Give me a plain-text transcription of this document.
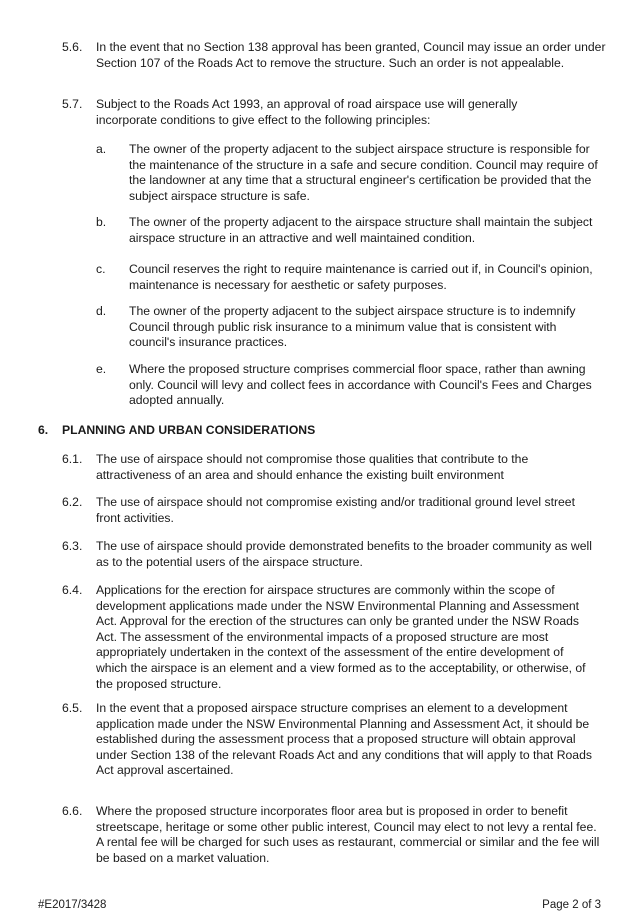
5.6. In the event that no Section 138 approval has been granted, Council may issue an order under Section 107 of the Roads Act to remove the structure. Such an order is not appealable.
5.7. Subject to the Roads Act 1993, an approval of road airspace use will generally incorporate conditions to give effect to the following principles:
a. The owner of the property adjacent to the subject airspace structure is responsible for the maintenance of the structure in a safe and secure condition. Council may require of the landowner at any time that a structural engineer's certification be provided that the subject airspace structure is safe.
b. The owner of the property adjacent to the airspace structure shall maintain the subject airspace structure in an attractive and well maintained condition.
c. Council reserves the right to require maintenance is carried out if, in Council's opinion, maintenance is necessary for aesthetic or safety purposes.
d. The owner of the property adjacent to the subject airspace structure is to indemnify Council through public risk insurance to a minimum value that is consistent with council's insurance practices.
e. Where the proposed structure comprises commercial floor space, rather than awning only. Council will levy and collect fees in accordance with Council's Fees and Charges adopted annually.
6. PLANNING AND URBAN CONSIDERATIONS
6.1. The use of airspace should not compromise those qualities that contribute to the attractiveness of an area and should enhance the existing built environment
6.2. The use of airspace should not compromise existing and/or traditional ground level street front activities.
6.3. The use of airspace should provide demonstrated benefits to the broader community as well as to the potential users of the airspace structure.
6.4. Applications for the erection for airspace structures are commonly within the scope of development applications made under the NSW Environmental Planning and Assessment Act. Approval for the erection of the structures can only be granted under the NSW Roads Act. The assessment of the environmental impacts of a proposed structure are most appropriately undertaken in the context of the assessment of the entire development of which the airspace is an element and a view formed as to the acceptability, or otherwise, of the proposed structure.
6.5. In the event that a proposed airspace structure comprises an element to a development application made under the NSW Environmental Planning and Assessment Act, it should be established during the assessment process that a proposed structure will obtain approval under Section 138 of the relevant Roads Act and any conditions that will apply to that Roads Act approval ascertained.
6.6. Where the proposed structure incorporates floor area but is proposed in order to benefit streetscape, heritage or some other public interest, Council may elect to not levy a rental fee. A rental fee will be charged for such uses as restaurant, commercial or similar and the fee will be based on a market valuation.
#E2017/3428	Page 2 of 3
